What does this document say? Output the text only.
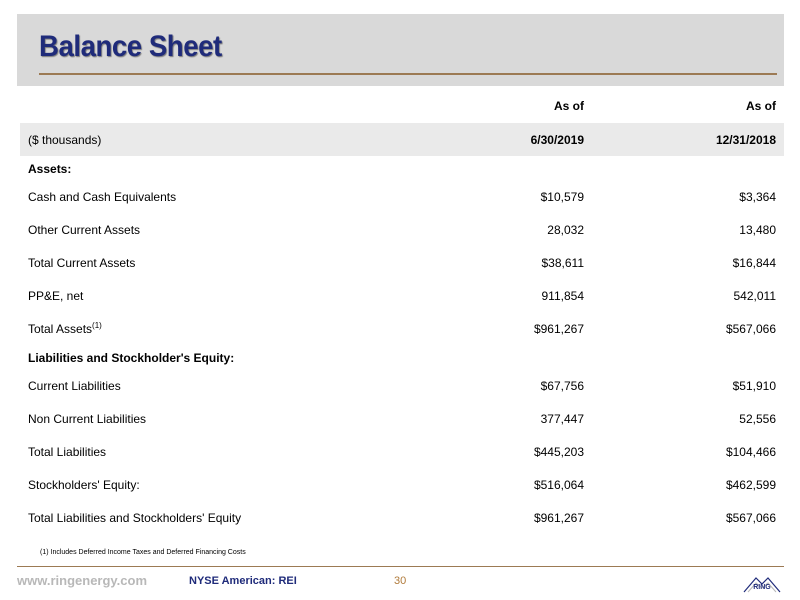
Balance Sheet
	As of	As of
($ thousands)	6/30/2019	12/31/2018
Assets:		
Cash and Cash Equivalents	$10,579	$3,364
Other Current Assets	28,032	13,480
Total Current Assets	$38,611	$16,844
PP&E, net	911,854	542,011
Total Assets$^{(1)}$	$961,267	$567,066
Liabilities and Stockholder's Equity:		
Current Liabilities	$67,756	$51,910
Non Current Liabilities	377,447	52,556
Total Liabilities	$445,203	$104,466
Stockholders' Equity:	$516,064	$462,599
Total Liabilities and Stockholders' Equity	$961,267	$567,066
(1) Includes Deferred Income Taxes and Deferred Financing Costs
www.ringenergy.com	NYSE American: REI	30
RING
